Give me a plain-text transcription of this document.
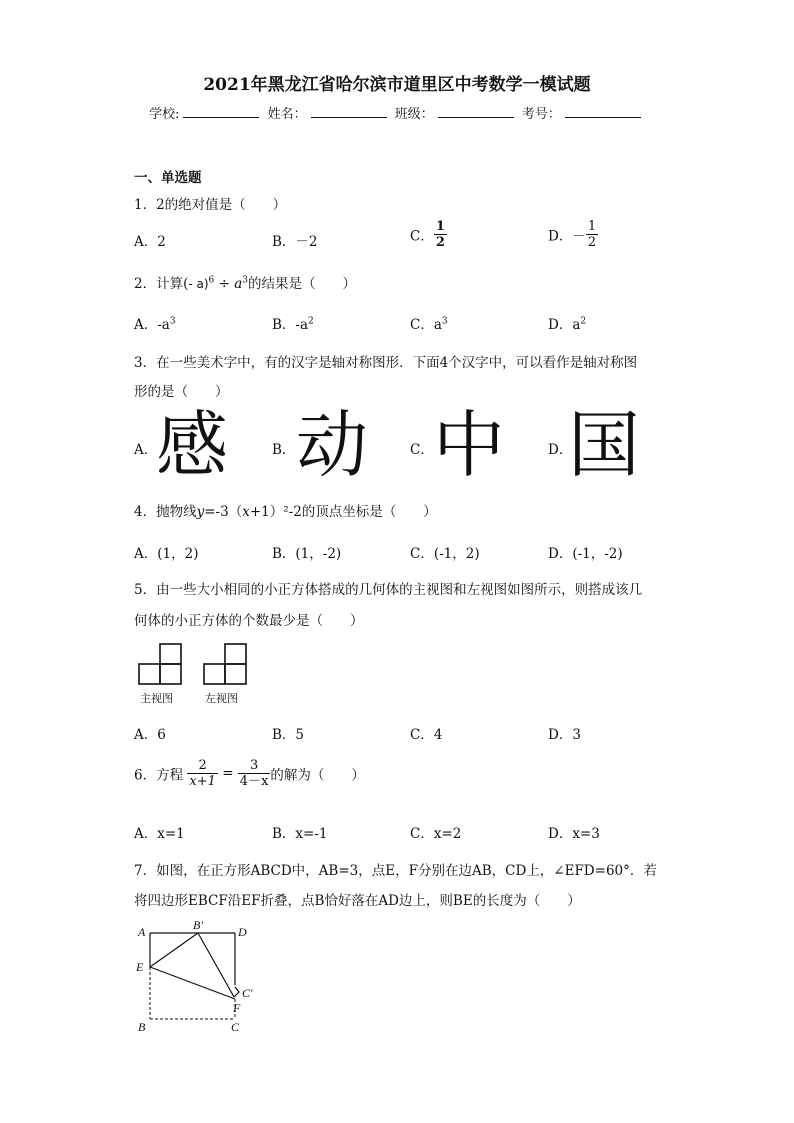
2021年黑龙江省哈尔滨市道里区中考数学一模试题
学校:	姓名：	班级：	考号：
一、单选题
1．2的绝对值是（　　）
A．2	B．－2	C． $\frac{1}{2}$	D．－ $\frac{1}{2}$
2．计算(- $a)^6 \div a^3$的结果是（　　）
A．$-a^3$	B．$-a^2$	C．$a^3$	D．$a^2$
3．在一些美术字中，有的汉字是轴对称图形．下面4个汉字中，可以看作是轴对称图
形的是（　　）
A．
感	B． 动	C． 中	D．
国
4．抛物线y=-3（x+1）²-2的顶点坐标是（　　）
A．(1，2)	B．(1，-2)	C．(-1，2)	D．(-1，-2)
5．由一些大小相同的小正方体搭成的几何体的主视图和左视图如图所示，则搭成该几
何体的小正方体的个数最少是（　　）
主视图	左视图
A．6	B．5	C．4	D．3
6．方程 $\frac{2}{x+1} = \frac{3}{4-x}$ 的解为（　　）
A．x=1	B．x=-1	C．x=2	D．x=3
7．如图，在正方形ABCD中，AB=3，点E，F分别在边AB，CD上，∠EFD=60°．若
将四边形EBCF沿EF折叠，点B恰好落在AD边上，则BE的长度为（　　）
A	B′	D
E
C′
F
B	C
